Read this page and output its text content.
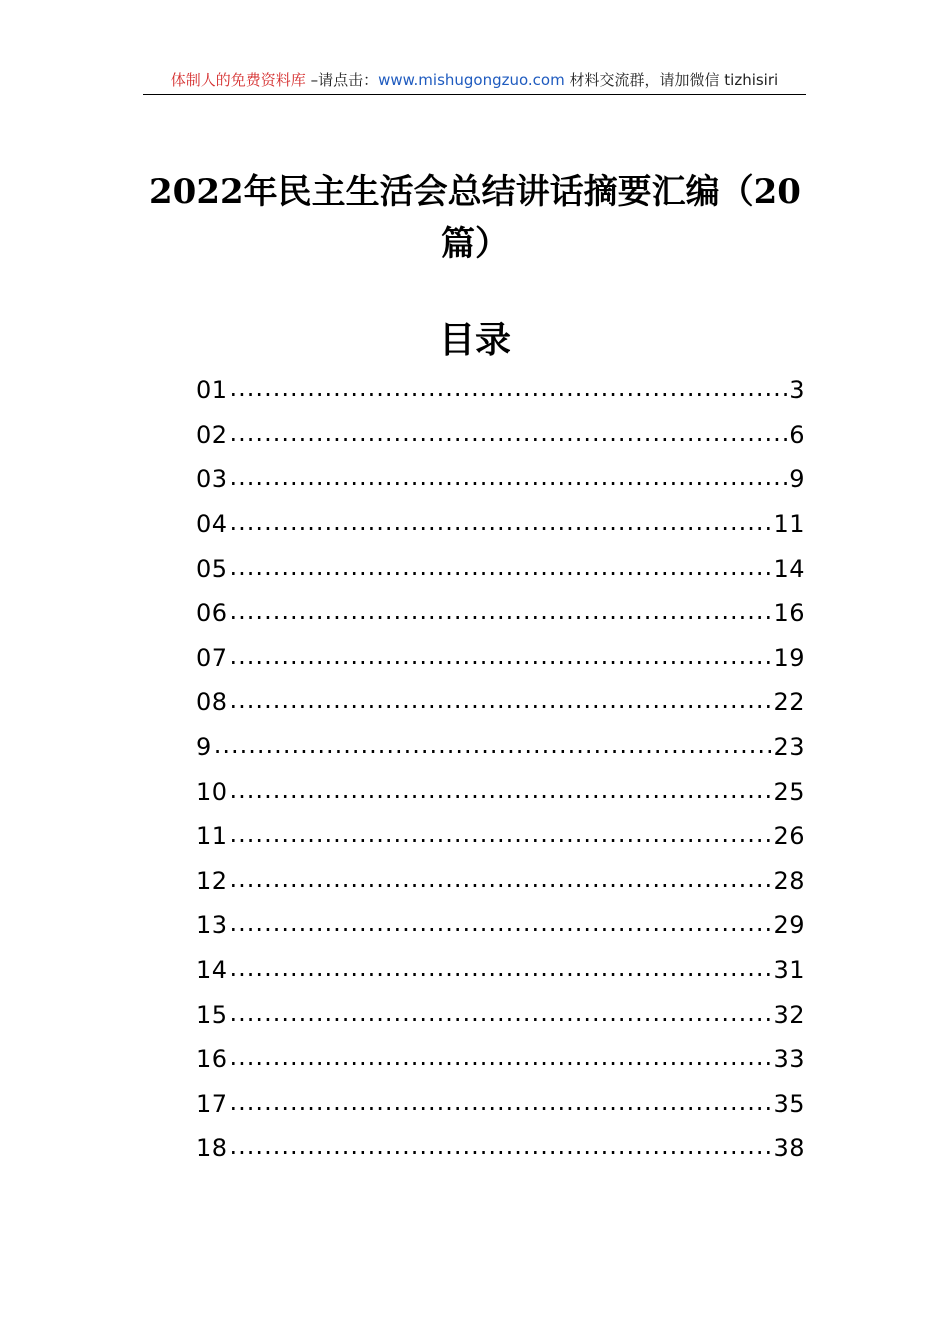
体制人的免费资料库 –请点击：www.mishugongzuo.com 材料交流群，请加微信 tizhisiri
2022年民主生活会总结讲话摘要汇编（20
篇）
目录
01 .....	3
02 .....	6
03 .....	9
04 .....	11
05 .....	14
06 .....	16
07 .....	19
08 .....	22
9 .....	23
10 .....	25
11 .....	26
12 .....	28
13 .....	29
14 .....	31
15 .....	32
16 .....	33
17 .....	35
18 .....	38
